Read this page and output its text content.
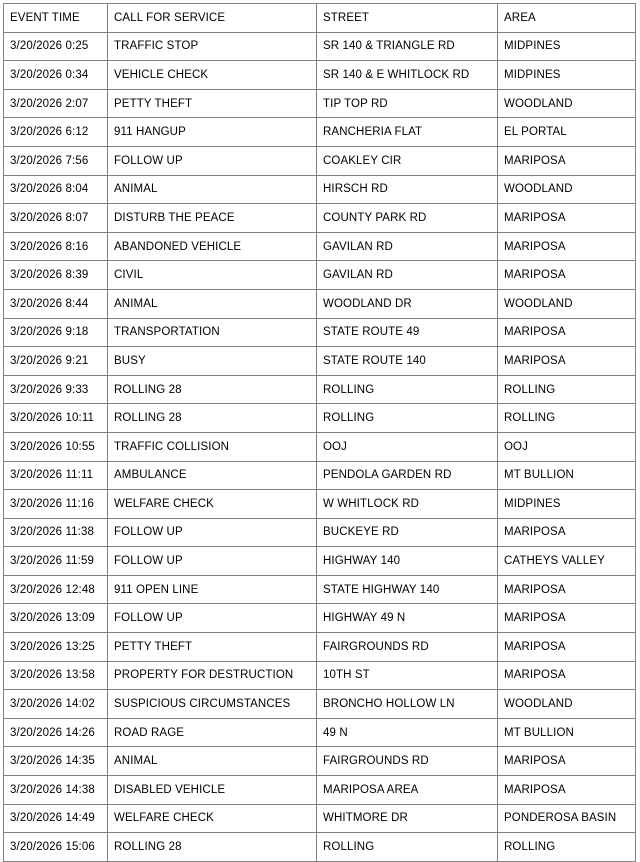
EVENT TIME	CALL FOR SERVICE	STREET	AREA
3/20/2026 0:25	TRAFFIC STOP	SR 140 & TRIANGLE RD	MIDPINES
3/20/2026 0:34	VEHICLE CHECK	SR 140 & E WHITLOCK RD	MIDPINES
3/20/2026 2:07	PETTY THEFT	TIP TOP RD	WOODLAND
3/20/2026 6:12	911 HANGUP	RANCHERIA FLAT	EL PORTAL
3/20/2026 7:56	FOLLOW UP	COAKLEY CIR	MARIPOSA
3/20/2026 8:04	ANIMAL	HIRSCH RD	WOODLAND
3/20/2026 8:07	DISTURB THE PEACE	COUNTY PARK RD	MARIPOSA
3/20/2026 8:16	ABANDONED VEHICLE	GAVILAN RD	MARIPOSA
3/20/2026 8:39	CIVIL	GAVILAN RD	MARIPOSA
3/20/2026 8:44	ANIMAL	WOODLAND DR	WOODLAND
3/20/2026 9:18	TRANSPORTATION	STATE ROUTE 49	MARIPOSA
3/20/2026 9:21	BUSY	STATE ROUTE 140	MARIPOSA
3/20/2026 9:33	ROLLING 28	ROLLING	ROLLING
3/20/2026 10:11	ROLLING 28	ROLLING	ROLLING
3/20/2026 10:55	TRAFFIC COLLISION	OOJ	OOJ
3/20/2026 11:11	AMBULANCE	PENDOLA GARDEN RD	MT BULLION
3/20/2026 11:16	WELFARE CHECK	W WHITLOCK RD	MIDPINES
3/20/2026 11:38	FOLLOW UP	BUCKEYE RD	MARIPOSA
3/20/2026 11:59	FOLLOW UP	HIGHWAY 140	CATHEYS VALLEY
3/20/2026 12:48	911 OPEN LINE	STATE HIGHWAY 140	MARIPOSA
3/20/2026 13:09	FOLLOW UP	HIGHWAY 49 N	MARIPOSA
3/20/2026 13:25	PETTY THEFT	FAIRGROUNDS RD	MARIPOSA
3/20/2026 13:58	PROPERTY FOR DESTRUCTION	10TH ST	MARIPOSA
3/20/2026 14:02	SUSPICIOUS CIRCUMSTANCES	BRONCHO HOLLOW LN	WOODLAND
3/20/2026 14:26	ROAD RAGE	49 N	MT BULLION
3/20/2026 14:35	ANIMAL	FAIRGROUNDS RD	MARIPOSA
3/20/2026 14:38	DISABLED VEHICLE	MARIPOSA AREA	MARIPOSA
3/20/2026 14:49	WELFARE CHECK	WHITMORE DR	PONDEROSA BASIN
3/20/2026 15:06	ROLLING 28	ROLLING	ROLLING
